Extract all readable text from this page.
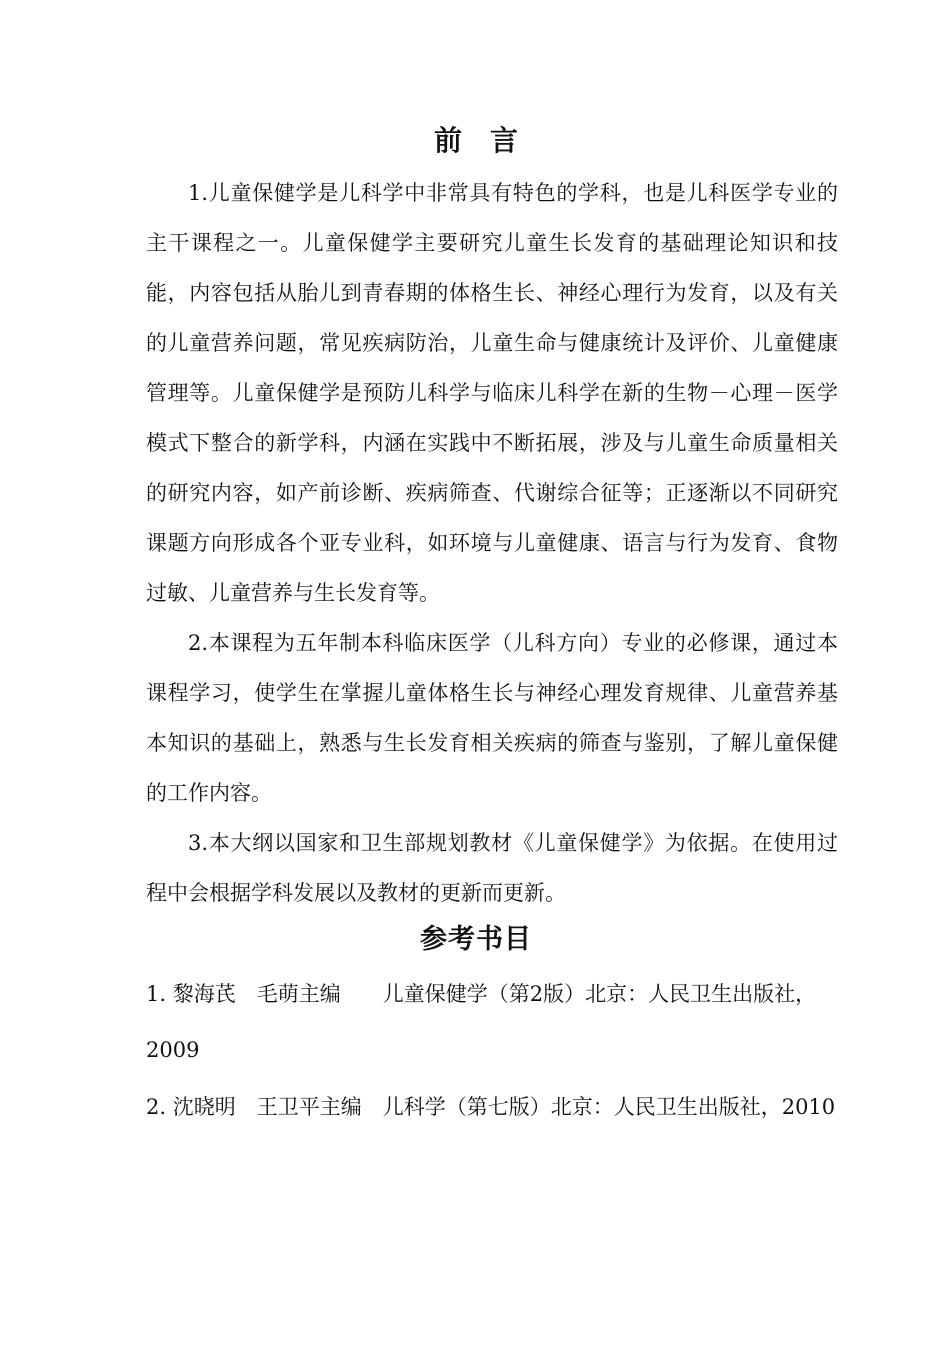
前言

1.儿童保健学是儿科学中非常具有特色的学科，也是儿科医学专业的主干课程之一。儿童保健学主要研究儿童生长发育的基础理论知识和技能，内容包括从胎儿到青春期的体格生长、神经心理行为发育，以及有关的儿童营养问题，常见疾病防治，儿童生命与健康统计及评价、儿童健康管理等。儿童保健学是预防儿科学与临床儿科学在新的生物－心理－医学模式下整合的新学科，内涵在实践中不断拓展，涉及与儿童生命质量相关的研究内容，如产前诊断、疾病筛查、代谢综合征等；正逐渐以不同研究课题方向形成各个亚专业科，如环境与儿童健康、语言与行为发育、食物过敏、儿童营养与生长发育等。

2.本课程为五年制本科临床医学（儿科方向）专业的必修课，通过本课程学习，使学生在掌握儿童体格生长与神经心理发育规律、儿童营养基本知识的基础上，熟悉与生长发育相关疾病的筛查与鉴别，了解儿童保健的工作内容。

3.本大纲以国家和卫生部规划教材《儿童保健学》为依据。在使用过程中会根据学科发展以及教材的更新而更新。

参考书目

1. 黎海芪　毛萌主编　　儿童保健学（第2版）北京：人民卫生出版社，2009

2. 沈晓明　王卫平主编　儿科学（第七版）北京：人民卫生出版社，2010
